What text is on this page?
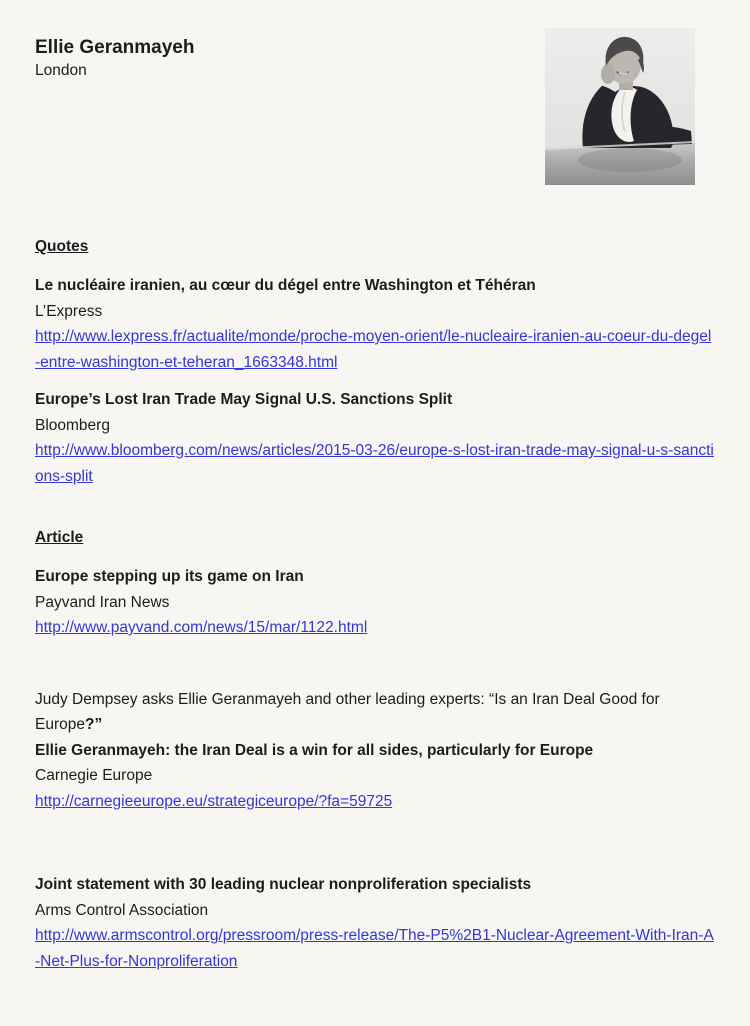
Ellie Geranmayeh

London

Quotes

Le nucléaire iranien, au cœur du dégel entre Washington et Téhéran

L’Express

http://www.lexpress.fr/actualite/monde/proche-moyen-orient/le-nucleaire-iranien-au-coeur-du-degel-entre-washington-et-teheran_1663348.html

Europe’s Lost Iran Trade May Signal U.S. Sanctions Split

Bloomberg

http://www.bloomberg.com/news/articles/2015-03-26/europe-s-lost-iran-trade-may-signal-u-s-sanctions-split

Article

Europe stepping up its game on Iran

Payvand Iran News

http://www.payvand.com/news/15/mar/1122.html

Judy Dempsey asks Ellie Geranmayeh and other leading experts: “Is an Iran Deal Good for Europe?”

Ellie Geranmayeh: the Iran Deal is a win for all sides, particularly for Europe

Carnegie Europe

http://carnegieeurope.eu/strategiceurope/?fa=59725

Joint statement with 30 leading nuclear nonproliferation specialists

Arms Control Association

http://www.armscontrol.org/pressroom/press-release/The-P5%2B1-Nuclear-Agreement-With-Iran-A-Net-Plus-for-Nonproliferation
